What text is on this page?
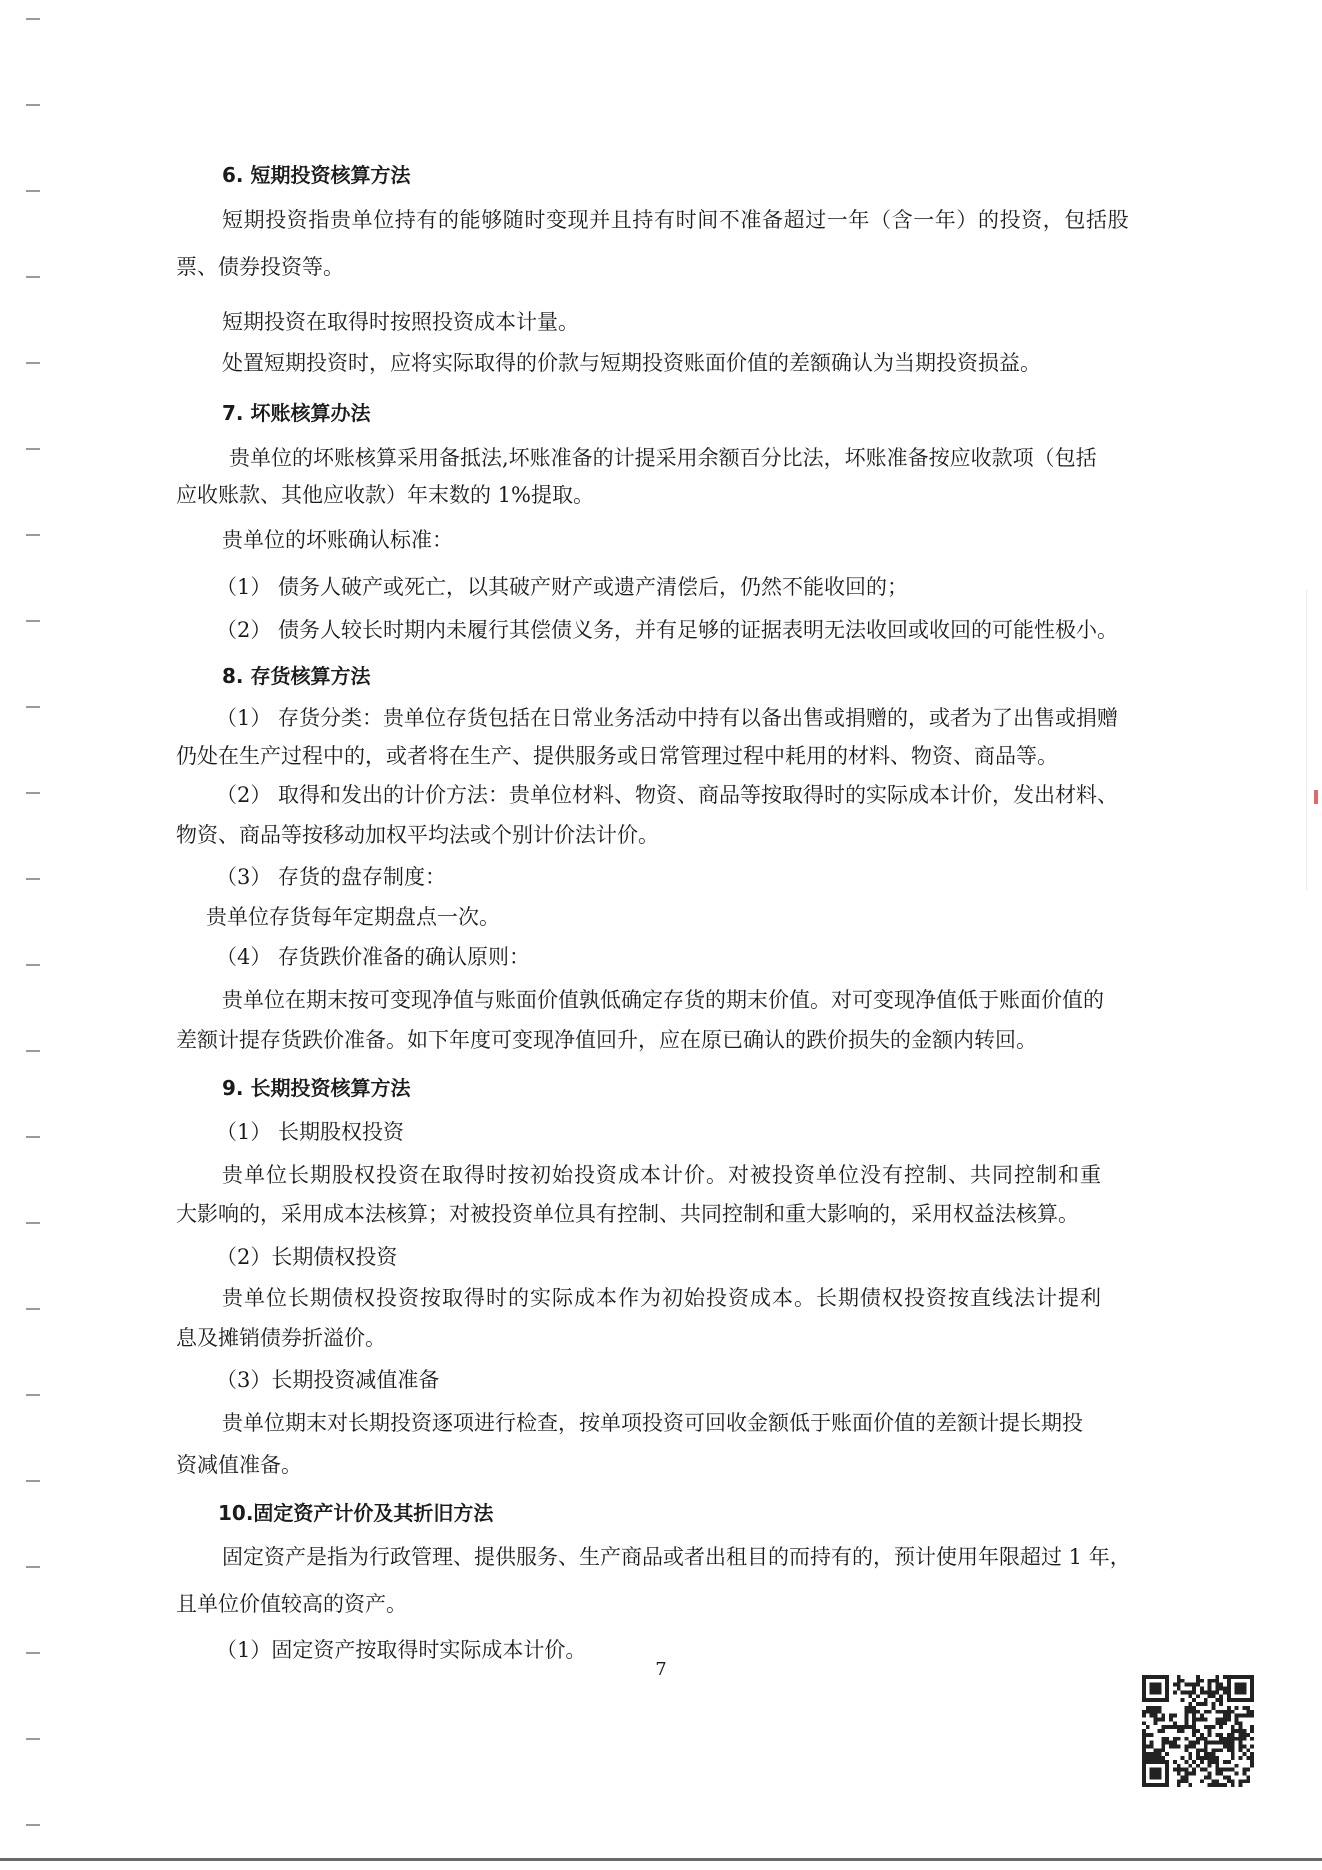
6. 短期投资核算方法
短期投资指贵单位持有的能够随时变现并且持有时间不准备超过一年（含一年）的投资，包括股
票、债券投资等。
短期投资在取得时按照投资成本计量。
处置短期投资时，应将实际取得的价款与短期投资账面价值的差额确认为当期投资损益。
7. 坏账核算办法
贵单位的坏账核算采用备抵法,坏账准备的计提采用余额百分比法，坏账准备按应收款项（包括
应收账款、其他应收款）年末数的 1%提取。
贵单位的坏账确认标准：
（1） 债务人破产或死亡，以其破产财产或遗产清偿后，仍然不能收回的；
（2） 债务人较长时期内未履行其偿债义务，并有足够的证据表明无法收回或收回的可能性极小。
8. 存货核算方法
（1） 存货分类：贵单位存货包括在日常业务活动中持有以备出售或捐赠的，或者为了出售或捐赠
仍处在生产过程中的，或者将在生产、提供服务或日常管理过程中耗用的材料、物资、商品等。
（2） 取得和发出的计价方法：贵单位材料、物资、商品等按取得时的实际成本计价，发出材料、
物资、商品等按移动加权平均法或个别计价法计价。
（3） 存货的盘存制度：
贵单位存货每年定期盘点一次。
（4） 存货跌价准备的确认原则：
贵单位在期末按可变现净值与账面价值孰低确定存货的期末价值。对可变现净值低于账面价值的
差额计提存货跌价准备。如下年度可变现净值回升，应在原已确认的跌价损失的金额内转回。
9. 长期投资核算方法
（1） 长期股权投资
贵单位长期股权投资在取得时按初始投资成本计价。对被投资单位没有控制、共同控制和重
大影响的，采用成本法核算；对被投资单位具有控制、共同控制和重大影响的，采用权益法核算。
（2）长期债权投资
贵单位长期债权投资按取得时的实际成本作为初始投资成本。长期债权投资按直线法计提利
息及摊销债券折溢价。
（3）长期投资减值准备
贵单位期末对长期投资逐项进行检查，按单项投资可回收金额低于账面价值的差额计提长期投
资减值准备。
10.固定资产计价及其折旧方法
固定资产是指为行政管理、提供服务、生产商品或者出租目的而持有的，预计使用年限超过 1 年，
且单位价值较高的资产。
（1）固定资产按取得时实际成本计价。
7
